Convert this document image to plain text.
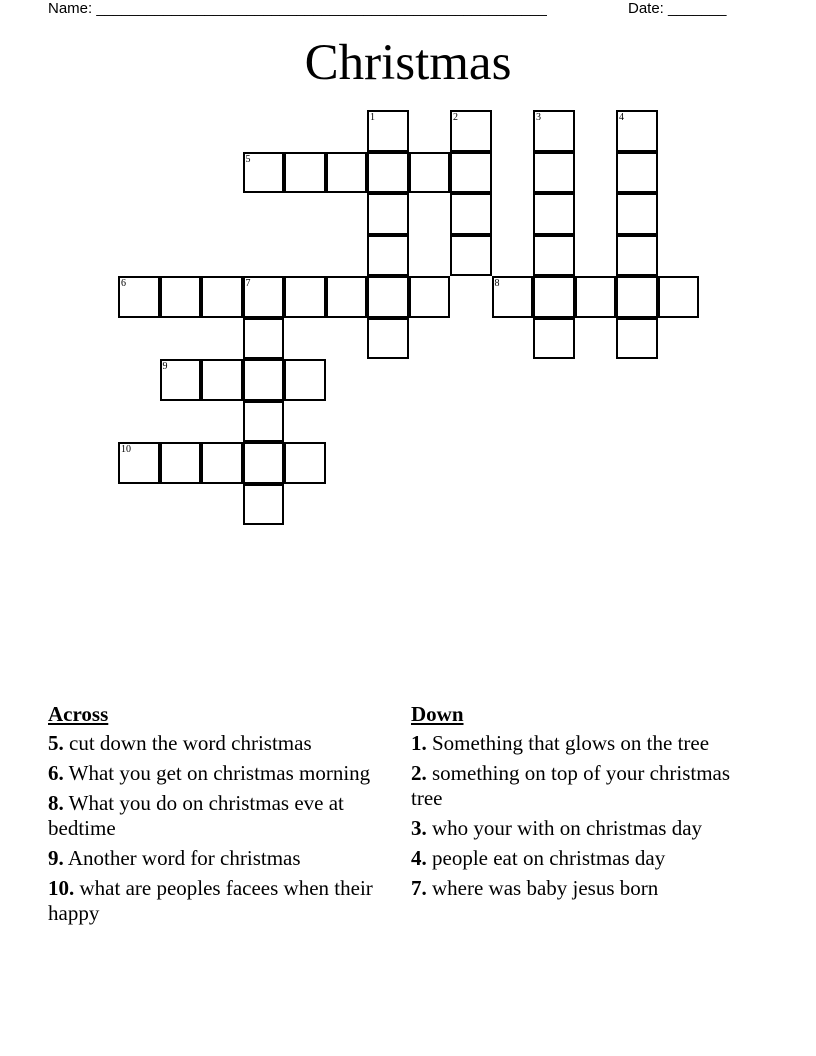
Name: ______________________________________________________	Date: _______
Christmas
1	2	3	4
5
6	7	8
9
10
Across
5. cut down the word christmas
6. What you get on christmas morning
8. What you do on christmas eve at bedtime
9. Another word for christmas
10. what are peoples facees when their happy
Down
1. Something that glows on the tree
2. something on top of your christmas tree
3. who your with on christmas day
4. people eat on christmas day
7. where was baby jesus born
